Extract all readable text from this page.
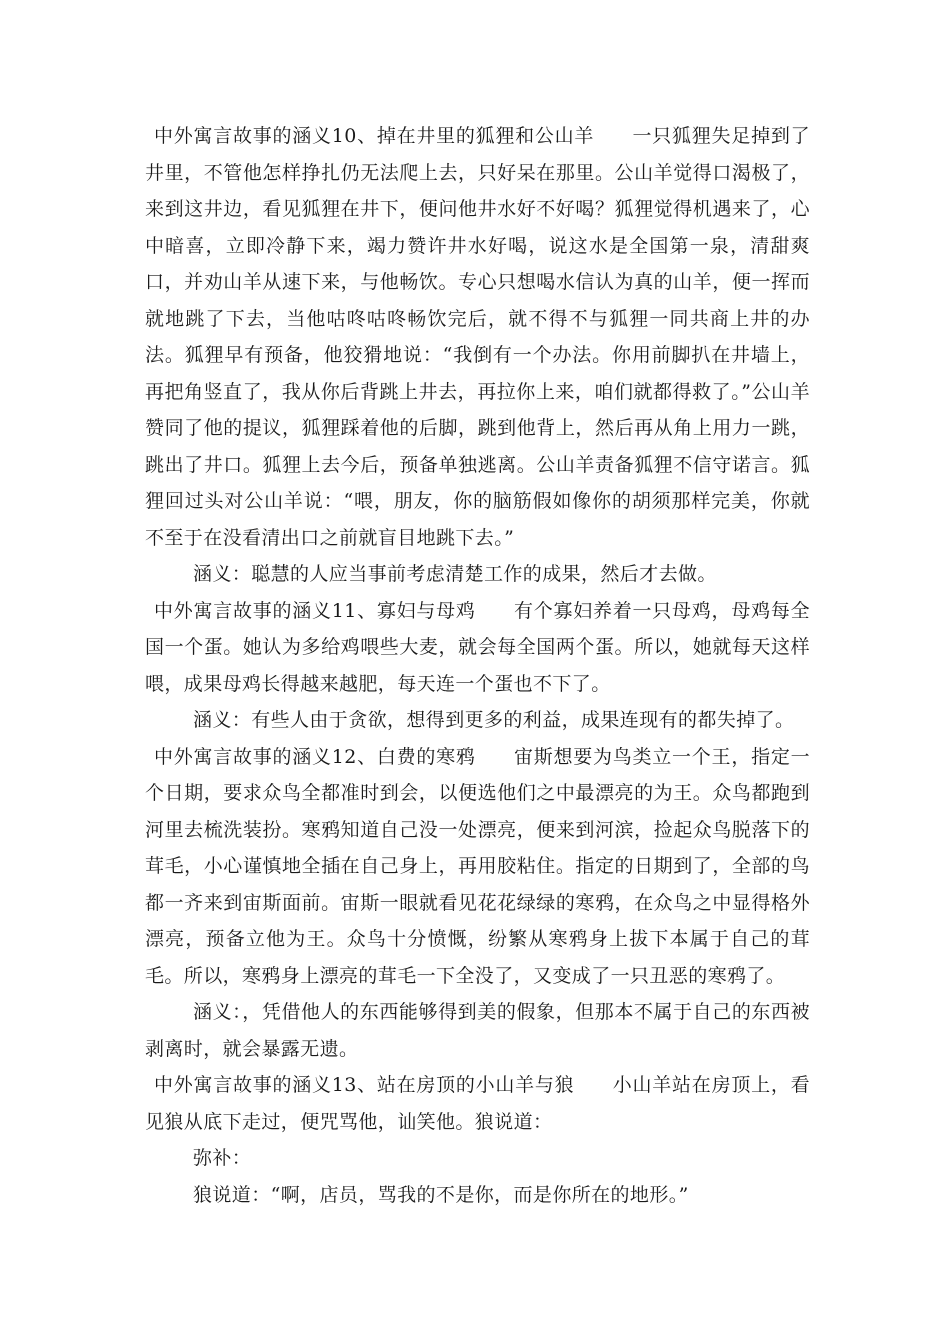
中外寓言故事的涵义10、掉在井里的狐狸和公山羊 一只狐狸失足掉到了井里，不管他怎样挣扎仍无法爬上去，只好呆在那里。公山羊觉得口渴极了，来到这井边，看见狐狸在井下，便问他井水好不好喝？狐狸觉得机遇来了，心中暗喜，立即冷静下来，竭力赞许井水好喝，说这水是全国第一泉，清甜爽口，并劝山羊从速下来，与他畅饮。专心只想喝水信认为真的山羊，便一挥而就地跳了下去，当他咕咚咕咚畅饮完后，就不得不与狐狸一同共商上井的办法。狐狸早有预备，他狡猾地说：“我倒有一个办法。你用前脚扒在井墙上，再把角竖直了，我从你后背跳上井去，再拉你上来，咱们就都得救了。”公山羊赞同了他的提议，狐狸踩着他的后脚，跳到他背上，然后再从角上用力一跳，跳出了井口。狐狸上去今后，预备单独逃离。公山羊责备狐狸不信守诺言。狐狸回过头对公山羊说：“喂，朋友，你的脑筋假如像你的胡须那样完美，你就不至于在没看清出口之前就盲目地跳下去。”

涵义：聪慧的人应当事前考虑清楚工作的成果，然后才去做。

中外寓言故事的涵义11、寡妇与母鸡 有个寡妇养着一只母鸡，母鸡每全国一个蛋。她认为多给鸡喂些大麦，就会每全国两个蛋。所以，她就每天这样喂，成果母鸡长得越来越肥，每天连一个蛋也不下了。

涵义：有些人由于贪欲，想得到更多的利益，成果连现有的都失掉了。

中外寓言故事的涵义12、白费的寒鸦 宙斯想要为鸟类立一个王，指定一个日期，要求众鸟全都准时到会，以便选他们之中最漂亮的为王。众鸟都跑到河里去梳洗装扮。寒鸦知道自己没一处漂亮，便来到河滨，捡起众鸟脱落下的茸毛，小心谨慎地全插在自己身上，再用胶粘住。指定的日期到了，全部的鸟都一齐来到宙斯面前。宙斯一眼就看见花花绿绿的寒鸦，在众鸟之中显得格外漂亮，预备立他为王。众鸟十分愤慨，纷繁从寒鸦身上拔下本属于自己的茸毛。所以，寒鸦身上漂亮的茸毛一下全没了，又变成了一只丑恶的寒鸦了。

涵义：，凭借他人的东西能够得到美的假象，但那本不属于自己的东西被剥离时，就会暴露无遗。

中外寓言故事的涵义13、站在房顶的小山羊与狼 小山羊站在房顶上，看见狼从底下走过，便咒骂他，讪笑他。狼说道：

弥补：

狼说道：“啊，店员，骂我的不是你，而是你所在的地形。”
